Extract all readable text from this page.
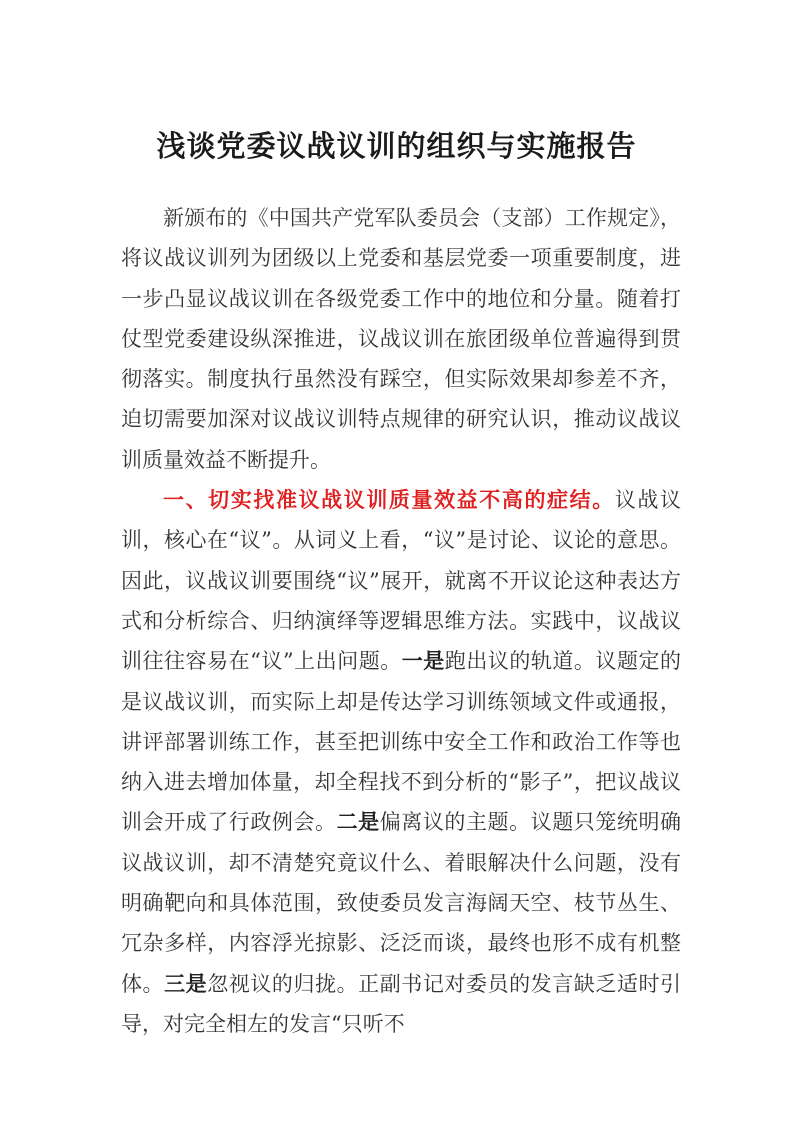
浅谈党委议战议训的组织与实施报告

新颁布的《中国共产党军队委员会（支部）工作规定》，将议战议训列为团级以上党委和基层党委一项重要制度，进一步凸显议战议训在各级党委工作中的地位和分量。随着打仗型党委建设纵深推进，议战议训在旅团级单位普遍得到贯彻落实。制度执行虽然没有踩空，但实际效果却参差不齐，迫切需要加深对议战议训特点规律的研究认识，推动议战议训质量效益不断提升。

一、切实找准议战议训质量效益不高的症结。议战议训，核心在“议”。从词义上看，“议”是讨论、议论的意思。因此，议战议训要围绕“议”展开，就离不开议论这种表达方式和分析综合、归纳演绎等逻辑思维方法。实践中，议战议训往往容易在“议”上出问题。一是跑出议的轨道。议题定的是议战议训，而实际上却是传达学习训练领域文件或通报，讲评部署训练工作，甚至把训练中安全工作和政治工作等也纳入进去增加体量，却全程找不到分析的“影子”，把议战议训会开成了行政例会。二是偏离议的主题。议题只笼统明确议战议训，却不清楚究竟议什么、着眼解决什么问题，没有明确靶向和具体范围，致使委员发言海阔天空、枝节丛生、冗杂多样，内容浮光掠影、泛泛而谈，最终也形不成有机整体。三是忽视议的归拢。正副书记对委员的发言缺乏适时引导，对完全相左的发言“只听不
